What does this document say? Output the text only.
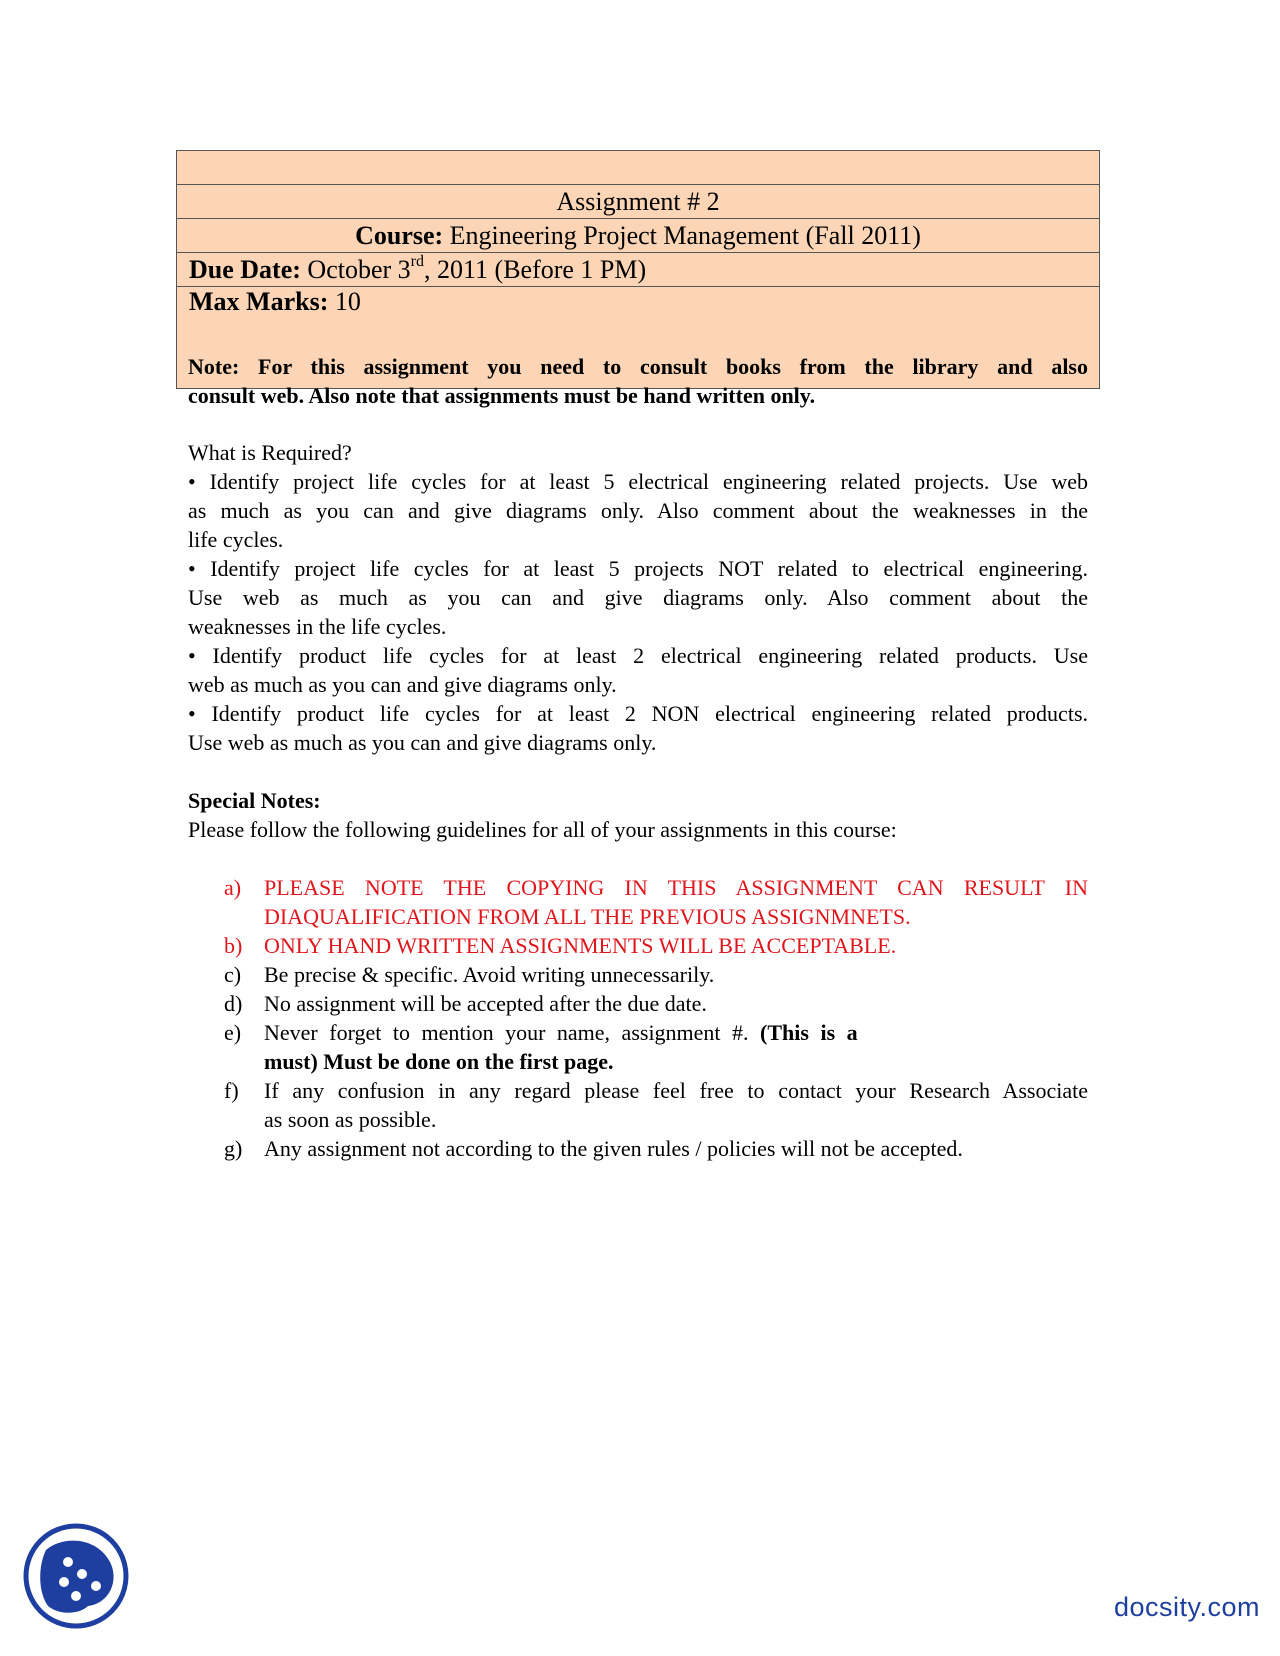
Assignment # 2
Course: Engineering Project Management (Fall 2011)
Due Date: October 3rd, 2011 (Before 1 PM)
Max Marks: 10
Note: For this assignment you need to consult books from the library and also
consult web. Also note that assignments must be hand written only.
What is Required?
• Identify project life cycles for at least 5 electrical engineering related projects. Use web
as much as you can and give diagrams only. Also comment about the weaknesses in the
life cycles.
• Identify project life cycles for at least 5 projects NOT related to electrical engineering.
Use web as much as you can and give diagrams only. Also comment about the
weaknesses in the life cycles.
• Identify product life cycles for at least 2 electrical engineering related products. Use
web as much as you can and give diagrams only.
• Identify product life cycles for at least 2 NON electrical engineering related products.
Use web as much as you can and give diagrams only.
Special Notes:
Please follow the following guidelines for all of your assignments in this course:
a) PLEASE NOTE THE COPYING IN THIS ASSIGNMENT CAN RESULT IN
DIAQUALIFICATION FROM ALL THE PREVIOUS ASSIGNMNETS.
b) ONLY HAND WRITTEN ASSIGNMENTS WILL BE ACCEPTABLE.
c) Be precise & specific. Avoid writing unnecessarily.
d) No assignment will be accepted after the due date.
e) Never forget to mention your name, assignment #. (This is a
must) Must be done on the first page.
f) If any confusion in any regard please feel free to contact your Research Associate
as soon as possible.
g) Any assignment not according to the given rules / policies will not be accepted.
docsity.com
